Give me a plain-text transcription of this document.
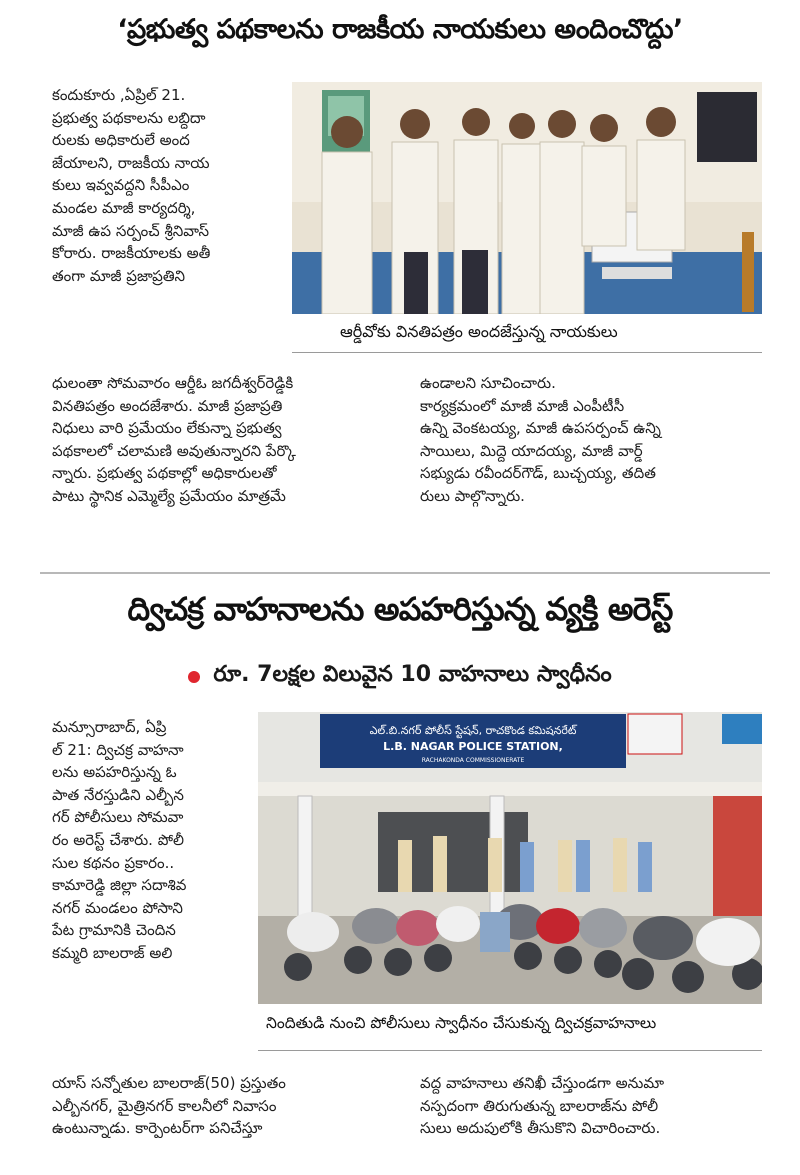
‘ప్రభుత్వ పథకాలను రాజకీయ నాయకులు అందించొద్దు’
కందుకూరు ,ఏప్రిల్ 21.
ప్రభుత్వ పథకాలను లబ్ధిదా
రులకు అధికారులే అంద
జేయాలని, రాజకీయ నాయ
కులు ఇవ్వవద్దని సీపీఎం
మండల మాజీ కార్యదర్శి,
మాజీ ఉప సర్పంచ్ శ్రీనివాస్
కోరారు. రాజకీయాలకు అతీ
తంగా మాజీ ప్రజాప్రతిని
ఆర్డీవోకు వినతిపత్రం అందజేస్తున్న నాయకులు
ధులంతా సోమవారం ఆర్డీఓ జగదీశ్వర్‌రెడ్డికి
వినతిపత్రం అందజేశారు. మాజీ ప్రజాప్రతి
నిధులు వారి ప్రమేయం లేకున్నా ప్రభుత్వ
పథకాలలో చలామణి అవుతున్నారని పేర్కొ
న్నారు. ప్రభుత్వ పథకాల్లో అధికారులతో
పాటు స్థానిక ఎమ్మెల్యే ప్రమేయం మాత్రమే
ఉండాలని సూచించారు.
కార్యక్రమంలో మాజీ మాజీ ఎంపీటీసీ
ఉన్ని వెంకటయ్య, మాజీ ఉపసర్పంచ్ ఉన్ని
సాయిలు, మిద్దె యాదయ్య, మాజీ వార్డ్
సభ్యుడు రవీందర్‌గౌడ్, బుచ్చయ్య, తదిత
రులు పాల్గొన్నారు.
ద్విచక్ర వాహనాలను అపహరిస్తున్న వ్యక్తి అరెస్ట్
రూ. 7లక్షల విలువైన 10 వాహనాలు స్వాధీనం
మన్సూరాబాద్, ఏప్రి
ల్ 21: ద్విచక్ర వాహనా
లను అపహరిస్తున్న ఓ
పాత నేరస్తుడిని ఎల్బీన
గర్ పోలీసులు సోమవా
రం అరెస్ట్ చేశారు. పోలీ
సుల కథనం ప్రకారం..
కామారెడ్డి జిల్లా సదాశివ
నగర్ మండలం పోసాని
పేట గ్రామానికి చెందిన
కమ్మరి బాలరాజ్ అలి
ఎల్.బి.నగర్ పోలీస్ స్టేషన్, రాచకొండ కమిషనరేట్
L.B. NAGAR POLICE STATION,
RACHAKONDA COMMISSIONERATE
నిందితుడి నుంచి పోలీసులు స్వాధీనం చేసుకున్న ద్విచక్రవాహనాలు
యాస్ సన్నోతుల బాలరాజ్(50) ప్రస్తుతం
ఎల్బీనగర్, మైత్రినగర్ కాలనీలో నివాసం
ఉంటున్నాడు. కార్పెంటర్‌గా పనిచేస్తూ
వద్ద వాహనాలు తనిఖీ చేస్తుండగా అనుమా
నస్పదంగా తిరుగుతున్న బాలరాజ్‌ను పోలీ
సులు అదుపులోకి తీసుకొని విచారించారు.
